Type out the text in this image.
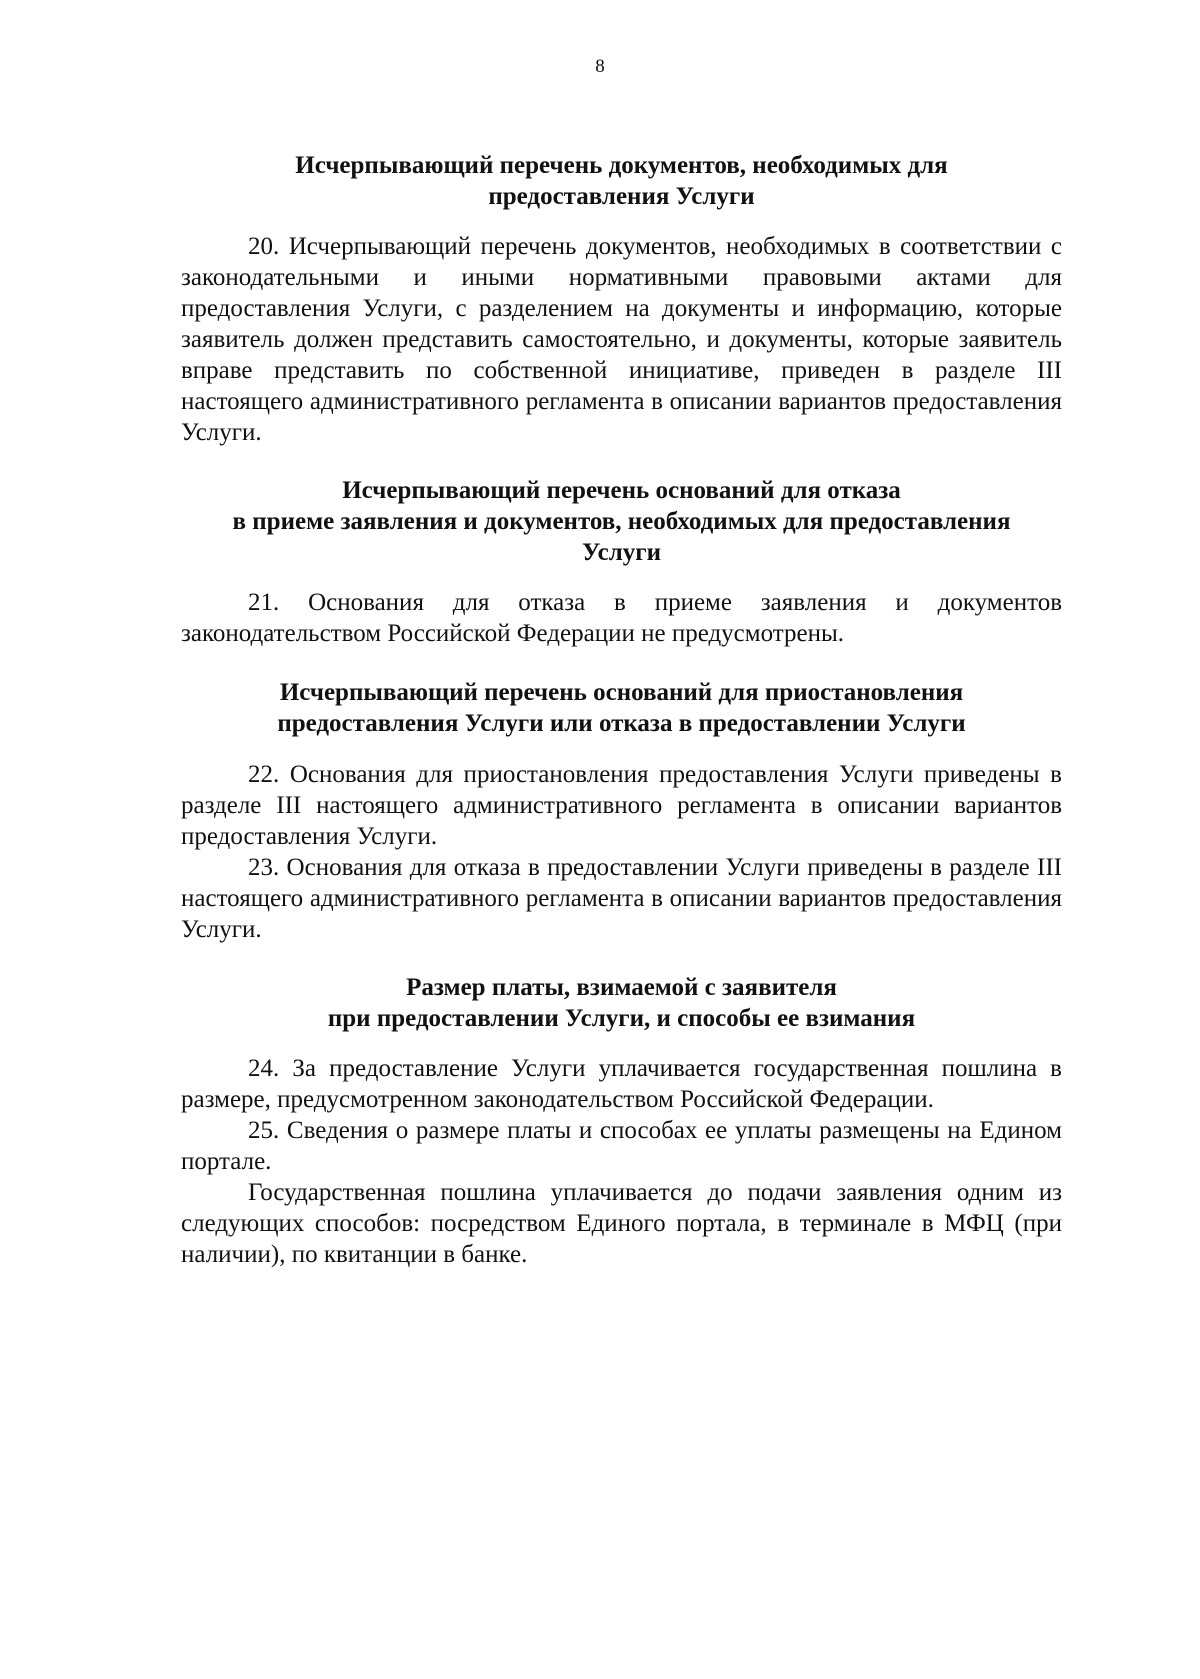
8
Исчерпывающий перечень документов, необходимых для
предоставления Услуги

20. Исчерпывающий перечень документов, необходимых в соответствии с законодательными и иными нормативными правовыми актами для предоставления Услуги, с разделением на документы и информацию, которые заявитель должен представить самостоятельно, и документы, которые заявитель вправе представить по собственной инициативе, приведен в разделе III настоящего административного регламента в описании вариантов предоставления Услуги.

Исчерпывающий перечень оснований для отказа
в приеме заявления и документов, необходимых для предоставления
Услуги

21. Основания для отказа в приеме заявления и документов законодательством Российской Федерации не предусмотрены.

Исчерпывающий перечень оснований для приостановления
предоставления Услуги или отказа в предоставлении Услуги

22. Основания для приостановления предоставления Услуги приведены в разделе III настоящего административного регламента в описании вариантов предоставления Услуги.

23. Основания для отказа в предоставлении Услуги приведены в разделе III настоящего административного регламента в описании вариантов предоставления Услуги.

Размер платы, взимаемой с заявителя
при предоставлении Услуги, и способы ее взимания

24. За предоставление Услуги уплачивается государственная пошлина в размере, предусмотренном законодательством Российской Федерации.

25. Сведения о размере платы и способах ее уплаты размещены на Едином портале.

Государственная пошлина уплачивается до подачи заявления одним из следующих способов: посредством Единого портала, в терминале в МФЦ (при наличии), по квитанции в банке.
